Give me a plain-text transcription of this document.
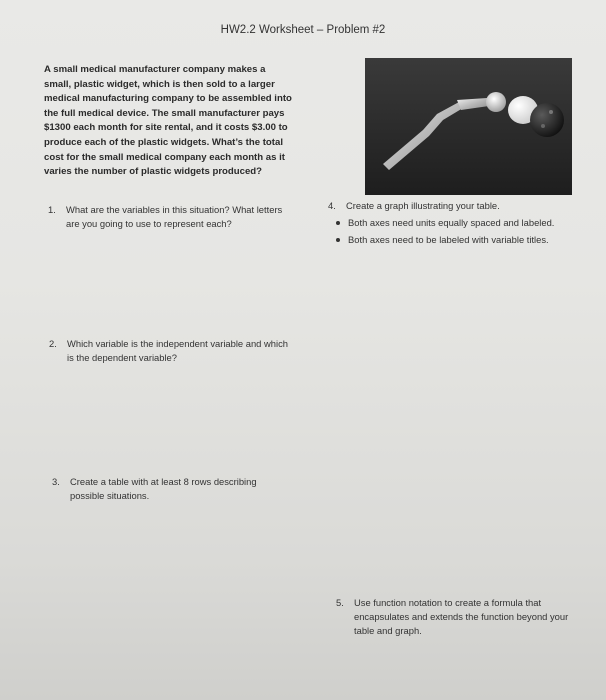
HW2.2 Worksheet – Problem #2
A small medical manufacturer company makes a small, plastic widget, which is then sold to a larger medical manufacturing company to be assembled into the full medical device. The small manufacturer pays $1300 each month for site rental, and it costs $3.00 to produce each of the plastic widgets. What’s the total cost for the small medical company each month as it varies the number of plastic widgets produced?
1. What are the variables in this situation? What letters are you going to use to represent each?
2. Which variable is the independent variable and which is the dependent variable?
3. Create a table with at least 8 rows describing possible situations.
4. Create a graph illustrating your table.
Both axes need units equally spaced and labeled.
Both axes need to be labeled with variable titles.
5. Use function notation to create a formula that encapsulates and extends the function beyond your table and graph.
